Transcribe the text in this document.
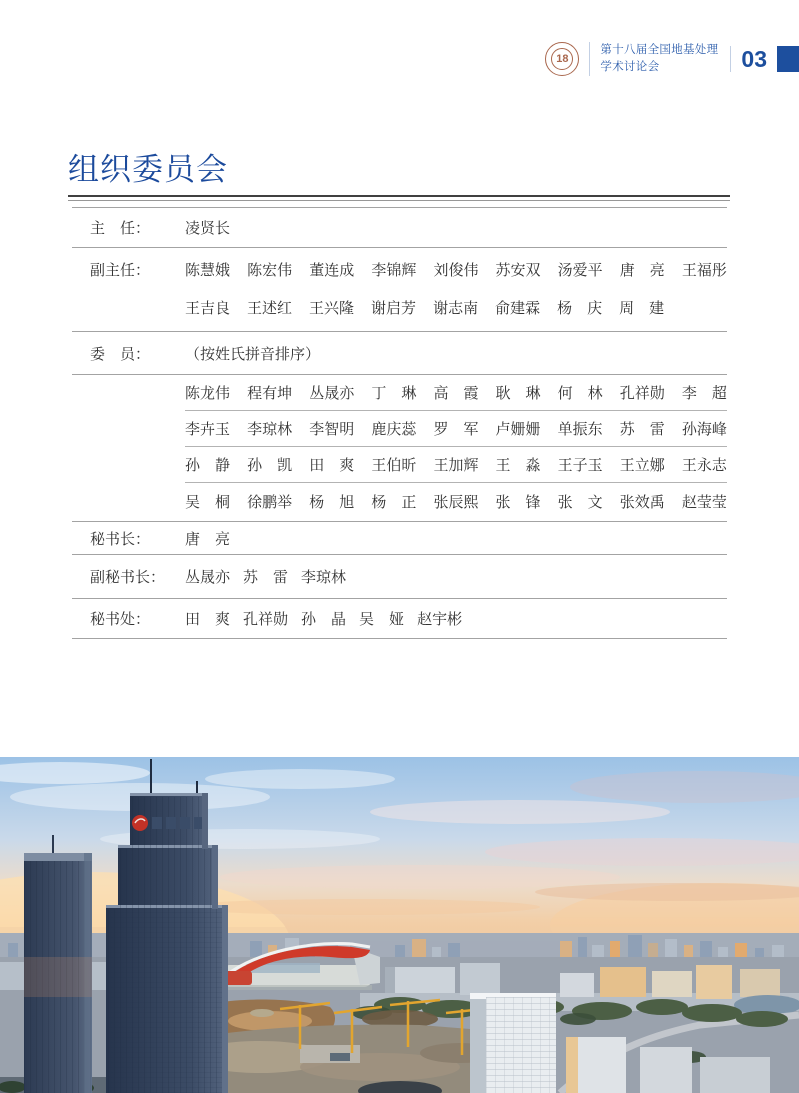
18
第十八届全国地基处理
学术讨论会	03
组织委员会
主　任：	凌贤长
副主任：	陈慧娥 陈宏伟 董连成 李锦辉 刘俊伟 苏安双 汤爱平 唐　亮 王福彤
王吉良 王述红 王兴隆 谢启芳 谢志南 俞建霖 杨　庆 周　建
委　员：	（按姓氏拼音排序）
陈龙伟 程有坤 丛晟亦 丁　琳 高　霞 耿　琳 何　林 孔祥勋 李　超
李卉玉 李琼林 李智明 鹿庆蕊 罗　军 卢姗姗 单振东 苏　雷 孙海峰
孙　静 孙　凯 田　爽 王伯昕 王加辉 王　淼 王子玉 王立娜 王永志
吴　桐 徐鹏举 杨　旭 杨　正 张辰熙 张　锋 张　文 张效禹 赵莹莹
秘书长：	唐　亮
副秘书长：	丛晟亦 苏　雷 李琼林
秘书处：	田　爽 孔祥勋 孙　晶 吴　娅 赵宇彬
